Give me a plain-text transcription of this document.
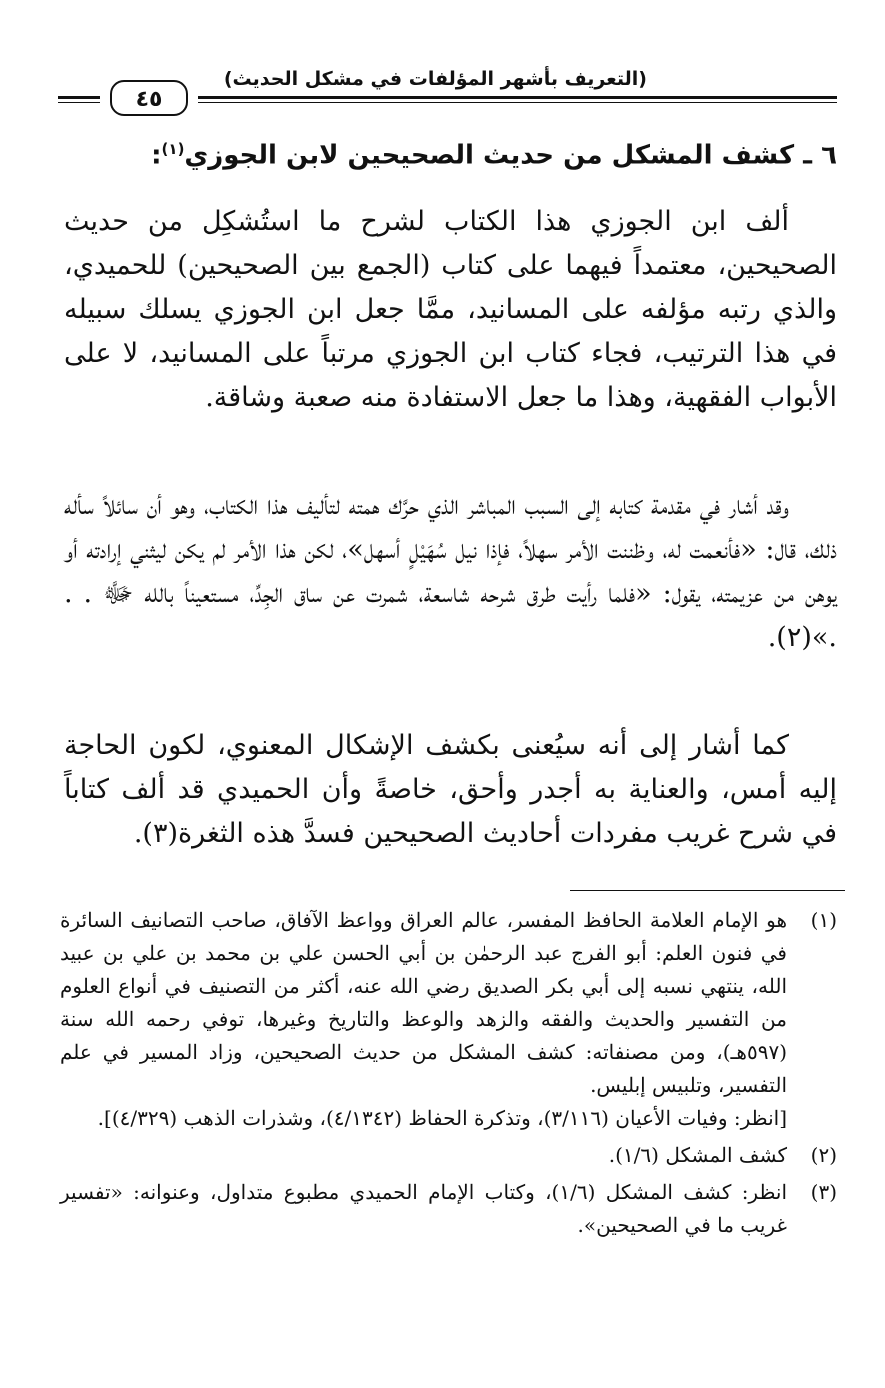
(التعريف بأشهر المؤلفات في مشكل الحديث)
٤٥
٦ ـ كشف المشكل من حديث الصحيحين لابن الجوزي$^{(١)}$:

ألف ابن الجوزي هذا الكتاب لشرح ما استُشكِل من حديث الصحيحين، معتمداً فيهما على كتاب (الجمع بين الصحيحين) للحميدي، والذي رتبه مؤلفه على المسانيد، ممَّا جعل ابن الجوزي يسلك سبيله في هذا الترتيب، فجاء كتاب ابن الجوزي مرتباً على المسانيد، لا على الأبواب الفقهية، وهذا ما جعل الاستفادة منه صعبة وشاقة.

وقد أشار في مقدمة كتابه إلى السبب المباشر الذي حرَّك همته لتأليف هذا الكتاب، وهو أن سائلاً سأله ذلك، قال: «فأنعمت له، وظننت الأمر سهلاً، فإذا نيل سُهَيْلٍ أسهل»، لكن هذا الأمر لم يكن ليثني إرادته أو يوهن من عزيمته، يقول: «فلما رأيت طرق شرحه شاسعة، شمرت عن ساق الجِدِّ، مستعيناً بالله ﷻ . . .»(٢).

كما أشار إلى أنه سيُعنى بكشف الإشكال المعنوي، لكون الحاجة إليه أمس، والعناية به أجدر وأحق، خاصةً وأن الحميدي قد ألف كتاباً في شرح غريب مفردات أحاديث الصحيحين فسدَّ هذه الثغرة(٣).

(١)
هو الإمام العلامة الحافظ المفسر، عالم العراق وواعظ الآفاق، صاحب التصانيف السائرة في فنون العلم: أبو الفرج عبد الرحمٰن بن أبي الحسن علي بن محمد بن علي بن عبيد الله، ينتهي نسبه إلى أبي بكر الصديق رضي الله عنه، أكثر من التصنيف في أنواع العلوم من التفسير والحديث والفقه والزهد والوعظ والتاريخ وغيرها، توفي رحمه الله سنة (٥٩٧هـ)، ومن مصنفاته: كشف المشكل من حديث الصحيحين، وزاد المسير في علم التفسير، وتلبيس إبليس.
[انظر: وفيات الأعيان (٣/١١٦)، وتذكرة الحفاظ (٤/١٣٤٢)، وشذرات الذهب (٤/٣٢٩)].
(٢)
كشف المشكل (١/٦).
(٣)
انظر: كشف المشكل (١/٦)، وكتاب الإمام الحميدي مطبوع متداول، وعنوانه: «تفسير غريب ما في الصحيحين».
